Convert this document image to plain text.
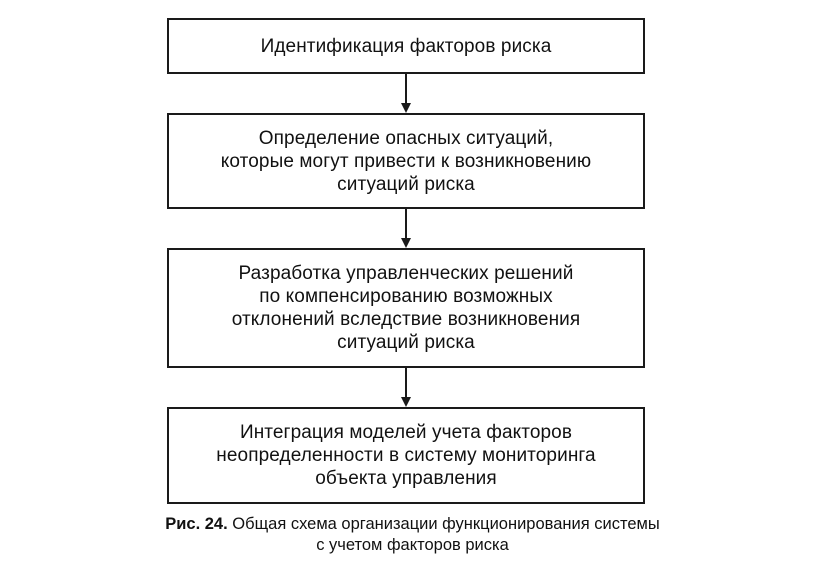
Идентификация факторов риска
Определение опасных ситуаций,
которые могут привести к возникновению
ситуаций риска
Разработка управленческих решений
по компенсированию возможных
отклонений вследствие возникновения
ситуаций риска
Интеграция моделей учета факторов
неопределенности в систему мониторинга
объекта управления
Рис. 24. Общая схема организации функционирования системы
с учетом факторов риска
